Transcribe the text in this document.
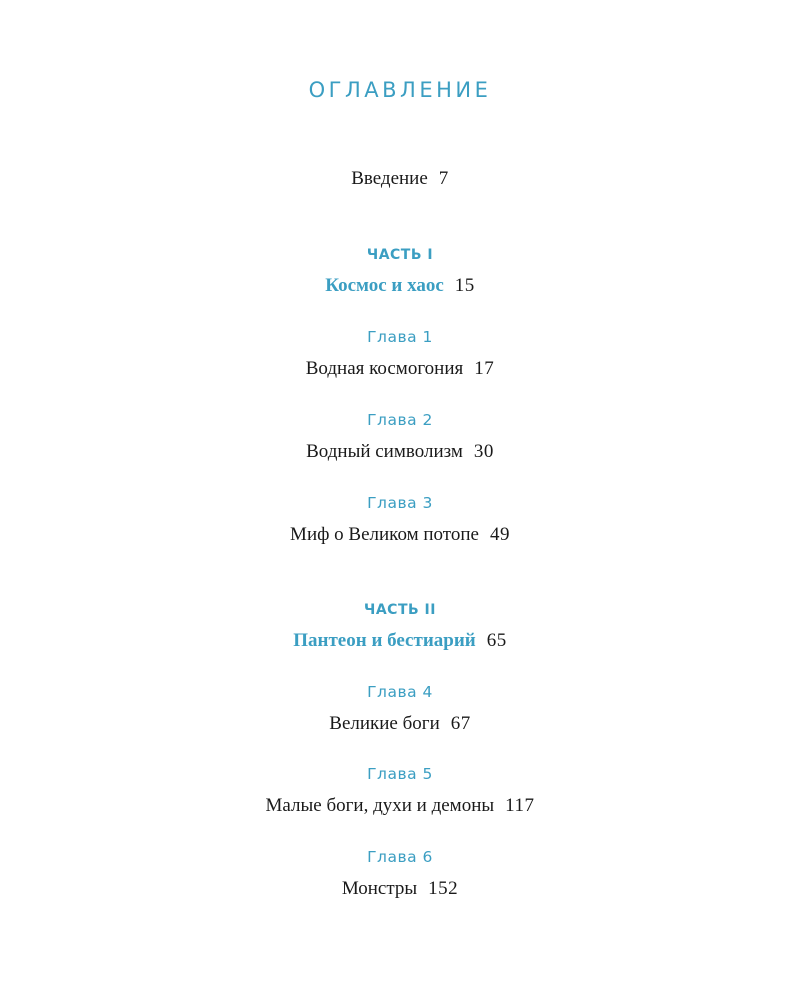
ОГЛАВЛЕНИЕ
Введение 7
ЧАСТЬ I
Космос и хаос 15
Глава 1
Водная космогония 17
Глава 2
Водный символизм 30
Глава 3
Миф о Великом потопе 49
ЧАСТЬ II
Пантеон и бестиарий 65
Глава 4
Великие боги 67
Глава 5
Малые боги, духи и демоны 117
Глава 6
Монстры 152
